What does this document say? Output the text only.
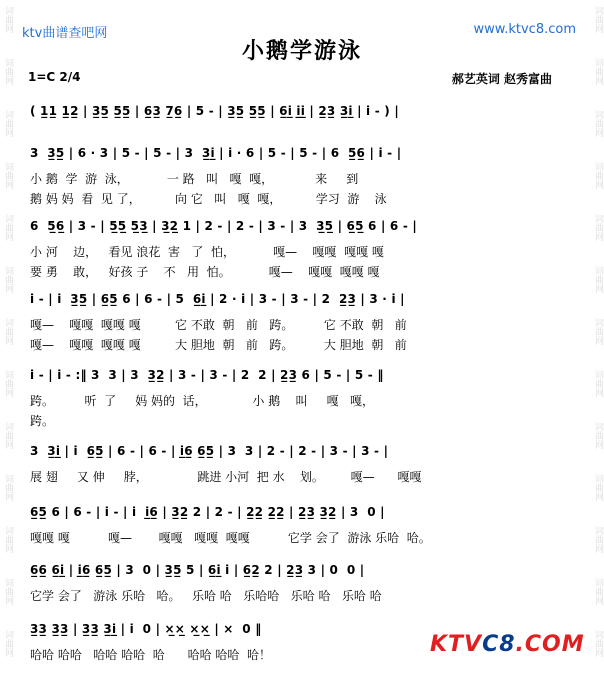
词曲网
词曲网
词曲网
词曲网
词曲网
词曲网
词曲网
词曲网
词曲网
词曲网
词曲网
词曲网
词曲网
词曲网
词曲网
词曲网
词曲网
词曲网
词曲网
词曲网
词曲网
词曲网
词曲网
词曲网
词曲网
词曲网
ktv曲谱查吧网	www.ktvc8.com
小鹅学游泳
1=C 2/4	郝艺英词 赵秀富曲
( 1̲1̲ 1̲2̲ | 3̲5̲ 5̲5̲ | 6̲3̲ 7̲6̲ | 5 - | 3̲5̲ 5̲5̲ | 6̲i̲ i̲i̲ | 2̲3̲ 3̲i̲ | i - ) |
3  3̲5̲ | 6 · 3 | 5 - | 5 - | 3  3̲i̲ | i · 6 | 5 - | 5 - | 6  5̲6̲ | i - |
小 鹅  学  游  泳，          一 路   叫   嘎  嘎，           来     到
鹅 妈 妈  看  见 了，         向 它   叫   嘎  嘎，         学习  游    泳
6  5̲6̲ | 3 - | 5̲5̲ 5̲3̲ | 3̲2̲ 1 | 2 - | 2 - | 3 - | 3  3̲5̲ | 6̲5̲ 6 | 6 - |
小 河    边，   看见 浪花  害   了  怕，          嘎—    嘎嘎  嘎嘎 嘎
要 勇    敢，   好孩 子    不   用  怕。          嘎—    嘎嘎  嘎嘎 嘎
i - | i  3̲5̲ | 6̲5̲ 6 | 6 - | 5  6̲i̲ | 2 · i | 3 - | 3 - | 2  2̲3̲ | 3 · i |
嘎—    嘎嘎  嘎嘎 嘎         它 不敢  朝   前   跨。        它 不敢  朝   前
嘎—    嘎嘎  嘎嘎 嘎         大 胆地  朝   前   跨。        大 胆地  朝   前
i - | i - :‖ 3  3 | 3  3̲2̲ | 3 - | 3 - | 2  2 | 2̲3̲ 6 | 5 - | 5 - ‖
跨。        听  了     妈 妈的  话，            小 鹅    叫     嘎   嘎，
跨。
3  3̲i̲ | i  6̲5̲ | 6 - | 6 - | i̲6̲ 6̲5̲ | 3  3 | 2 - | 2 - | 3 - | 3 - |
展 翅     又 伸     脖，             跳进 小河  把 水    划。       嘎—      嘎嘎
6̲5̲ 6 | 6 - | i - | i  i̲6̲ | 3̲2̲ 2 | 2 - | 2̲2̲ 2̲2̲ | 2̲3̲ 3̲2̲ | 3  0 |
嘎嘎 嘎          嘎—       嘎嘎   嘎嘎  嘎嘎          它学 会了  游泳 乐哈  哈。
6̲6̲ 6̲i̲ | i̲6̲ 6̲5̲ | 3  0 | 3̲5̲ 5 | 6̲i̲ i | 6̲2̲ 2 | 2̲3̲ 3 | 0  0 |
它学 会了   游泳 乐哈   哈。   乐哈 哈   乐哈哈   乐哈 哈   乐哈 哈
3̲3̲ 3̲3̲ | 3̲3̲ 3̲i̲ | i  0 | ×̲×̲ ×̲×̲ | ×  0 ‖
哈哈 哈哈   哈哈 哈哈  哈      哈哈 哈哈  哈！	KTVC8.COM
